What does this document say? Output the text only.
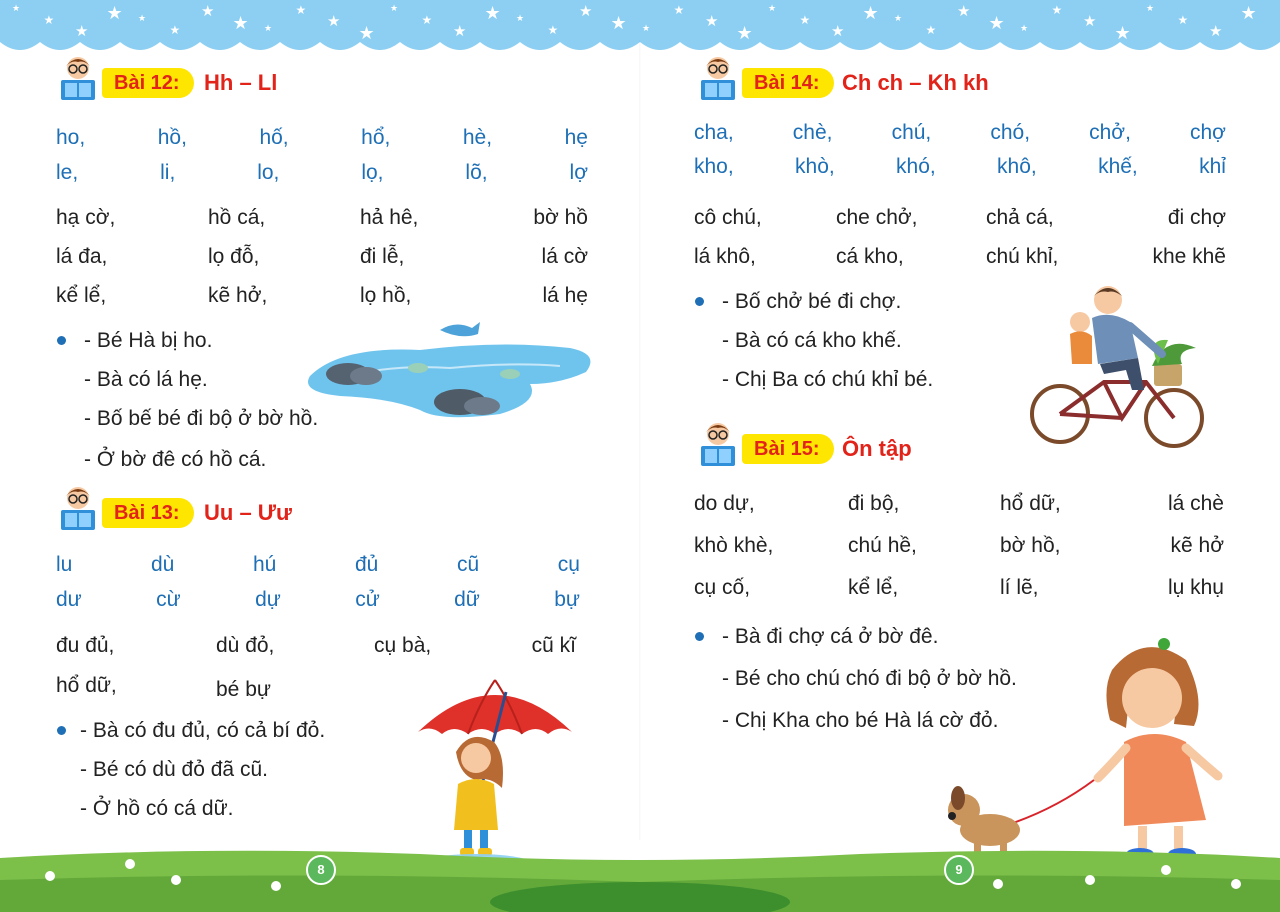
★
★
★
★ ★
★
★
★ ★
★
★
★
★
★
★
★ ★
★
★
★ ★
★
★
★
★
★
★
★ ★
★
★
★ ★
★
★
★
★
★
★
★
Bài 12:	Hh – Ll
ho,	hồ,	hố,	hổ,	hè,	hẹ
le,	li,	lo,	lọ,	lõ,	lợ
hạ cờ,	hồ cá,	hả hê,	bờ hồ
lá đa,	lọ đỗ,	đi lễ,	lá cờ
kể lể,	kẽ hở,	lọ hồ,	lá hẹ
- Bé Hà bị ho.
- Bà có lá hẹ.
- Bố bế bé đi bộ ở bờ hồ.
- Ở bờ đê có hồ cá.
Bài 13:	Uu – Ưư
lu	dù	hú	đủ	cũ	cụ
dư	cừ	dự	cử	dữ	bự
đu đủ,	dù đỏ,	cụ bà,	cũ kĩ
hổ dữ,	bé bự
- Bà có đu đủ, có cả bí đỏ.
- Bé có dù đỏ đã cũ.
- Ở hồ có cá dữ.
Bài 14:	Ch ch – Kh kh
cha,	chè,	chú,	chó,	chở,	chợ
kho,	khò,	khó,	khô,	khế,	khỉ
cô chú,	che chở,	chả cá,	đi chợ
lá khô,	cá kho,	chú khỉ,	khe khẽ
- Bố chở bé đi chợ.
- Bà có cá kho khế.
- Chị Ba có chú khỉ bé.
Bài 15:	Ôn tập
do dự,	đi bộ,	hổ dữ,	lá chè
khò khè,	chú hề,	bờ hồ,	kẽ hở
cụ cố,	kể lể,	lí lẽ,	lụ khụ
- Bà đi chợ cá ở bờ đê.
- Bé cho chú chó đi bộ ở bờ hồ.
- Chị Kha cho bé Hà lá cờ đỏ.
8	9
